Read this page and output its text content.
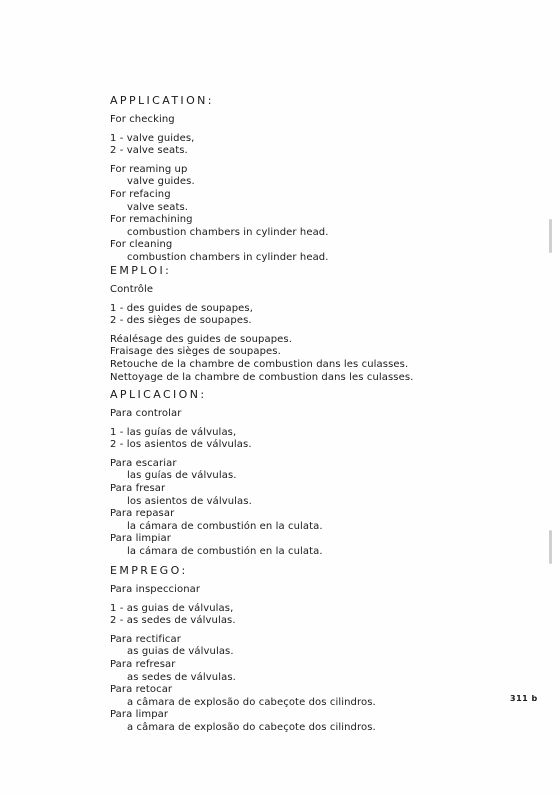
APPLICATION:
For checking
1 - valve guides,
2 - valve seats.
For reaming up
valve guides.
For refacing
valve seats.
For remachining
combustion chambers in cylinder head.
For cleaning
combustion chambers in cylinder head.
EMPLOI:
Contrôle
1 - des guides de soupapes,
2 - des sièges de soupapes.
Réalésage des guides de soupapes.
Fraisage des sièges de soupapes.
Retouche de la chambre de combustion dans les culasses.
Nettoyage de la chambre de combustion dans les culasses.
APLICACION:
Para controlar
1 - las guías de válvulas,
2 - los asientos de válvulas.
Para escariar
las guías de válvulas.
Para fresar
los asientos de válvulas.
Para repasar
la cámara de combustión en la culata.
Para limpiar
la cámara de combustión en la culata.
EMPREGO:
Para inspeccionar
1 - as guias de válvulas,
2 - as sedes de válvulas.
Para rectificar
as guias de válvulas.
Para refresar
as sedes de válvulas.
Para retocar
a câmara de explosão do cabeçote dos cilindros.
Para limpar
a câmara de explosão do cabeçote dos cilindros.
311 b
